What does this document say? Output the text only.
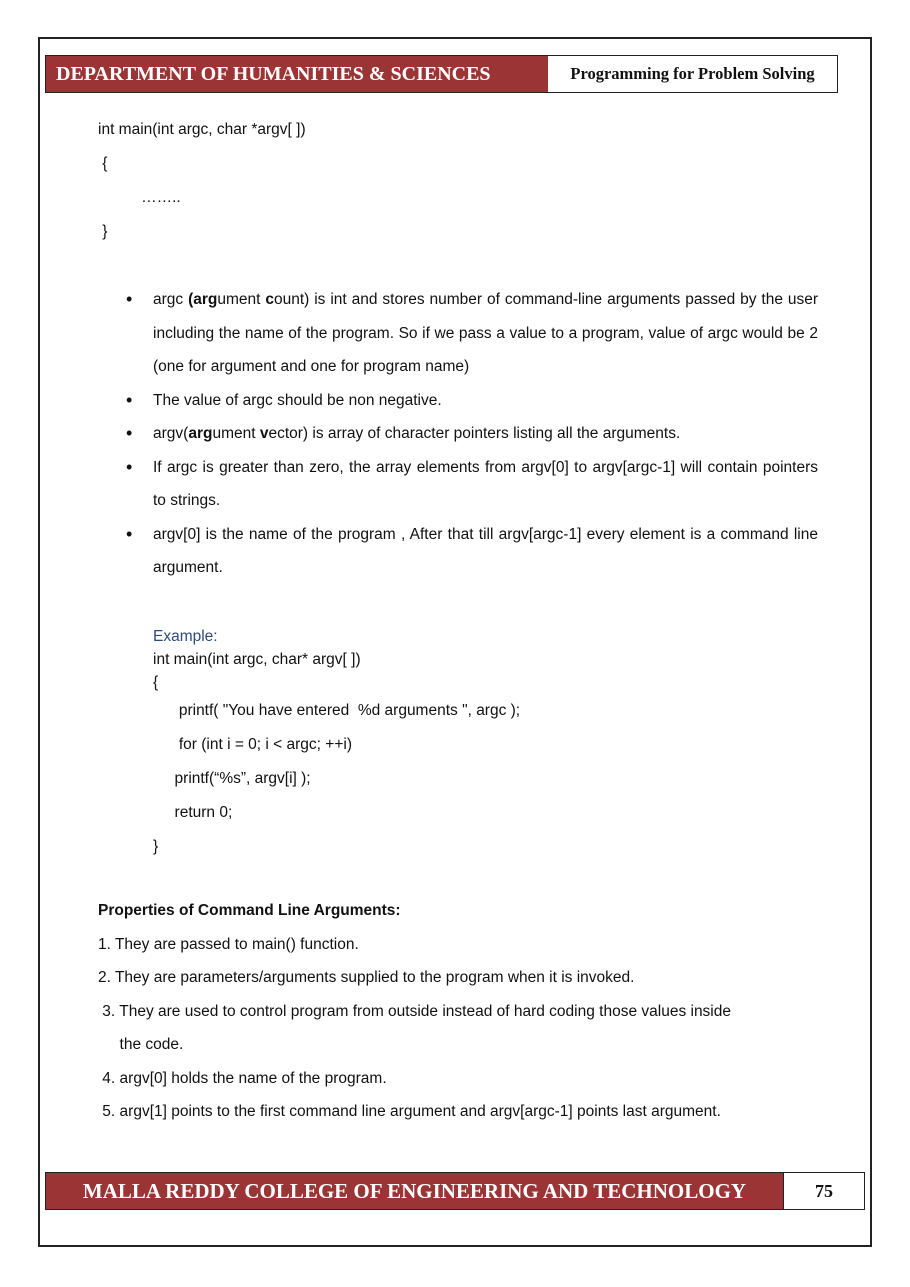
DEPARTMENT OF HUMANITIES & SCIENCES	Programming for Problem Solving

int main(int argc, char *argv[ ])

{

……..

}

• argc (argument count) is int and stores number of command-line arguments passed by the user including the name of the program. So if we pass a value to a program, value of argc would be 2 (one for argument and one for program name)
• The value of argc should be non negative.
• argv(argument vector) is array of character pointers listing all the arguments.
• If argc is greater than zero, the array elements from argv[0] to argv[argc-1] will contain pointers to strings.
• argv[0] is the name of the program , After that till argv[argc-1] every element is a command line argument.
Example:
int main(int argc, char* argv[ ])
{
printf( "You have entered  %d arguments ", argc );
for (int i = 0; i < argc; ++i)
printf(“%s”, argv[i] );
return 0;
}
Properties of Command Line Arguments:
1. They are passed to main() function.
2. They are parameters/arguments supplied to the program when it is invoked.
3. They are used to control program from outside instead of hard coding those values inside
the code.
4. argv[0] holds the name of the program.
5. argv[1] points to the first command line argument and argv[argc-1] points last argument.
MALLA REDDY COLLEGE OF ENGINEERING AND TECHNOLOGY	75
